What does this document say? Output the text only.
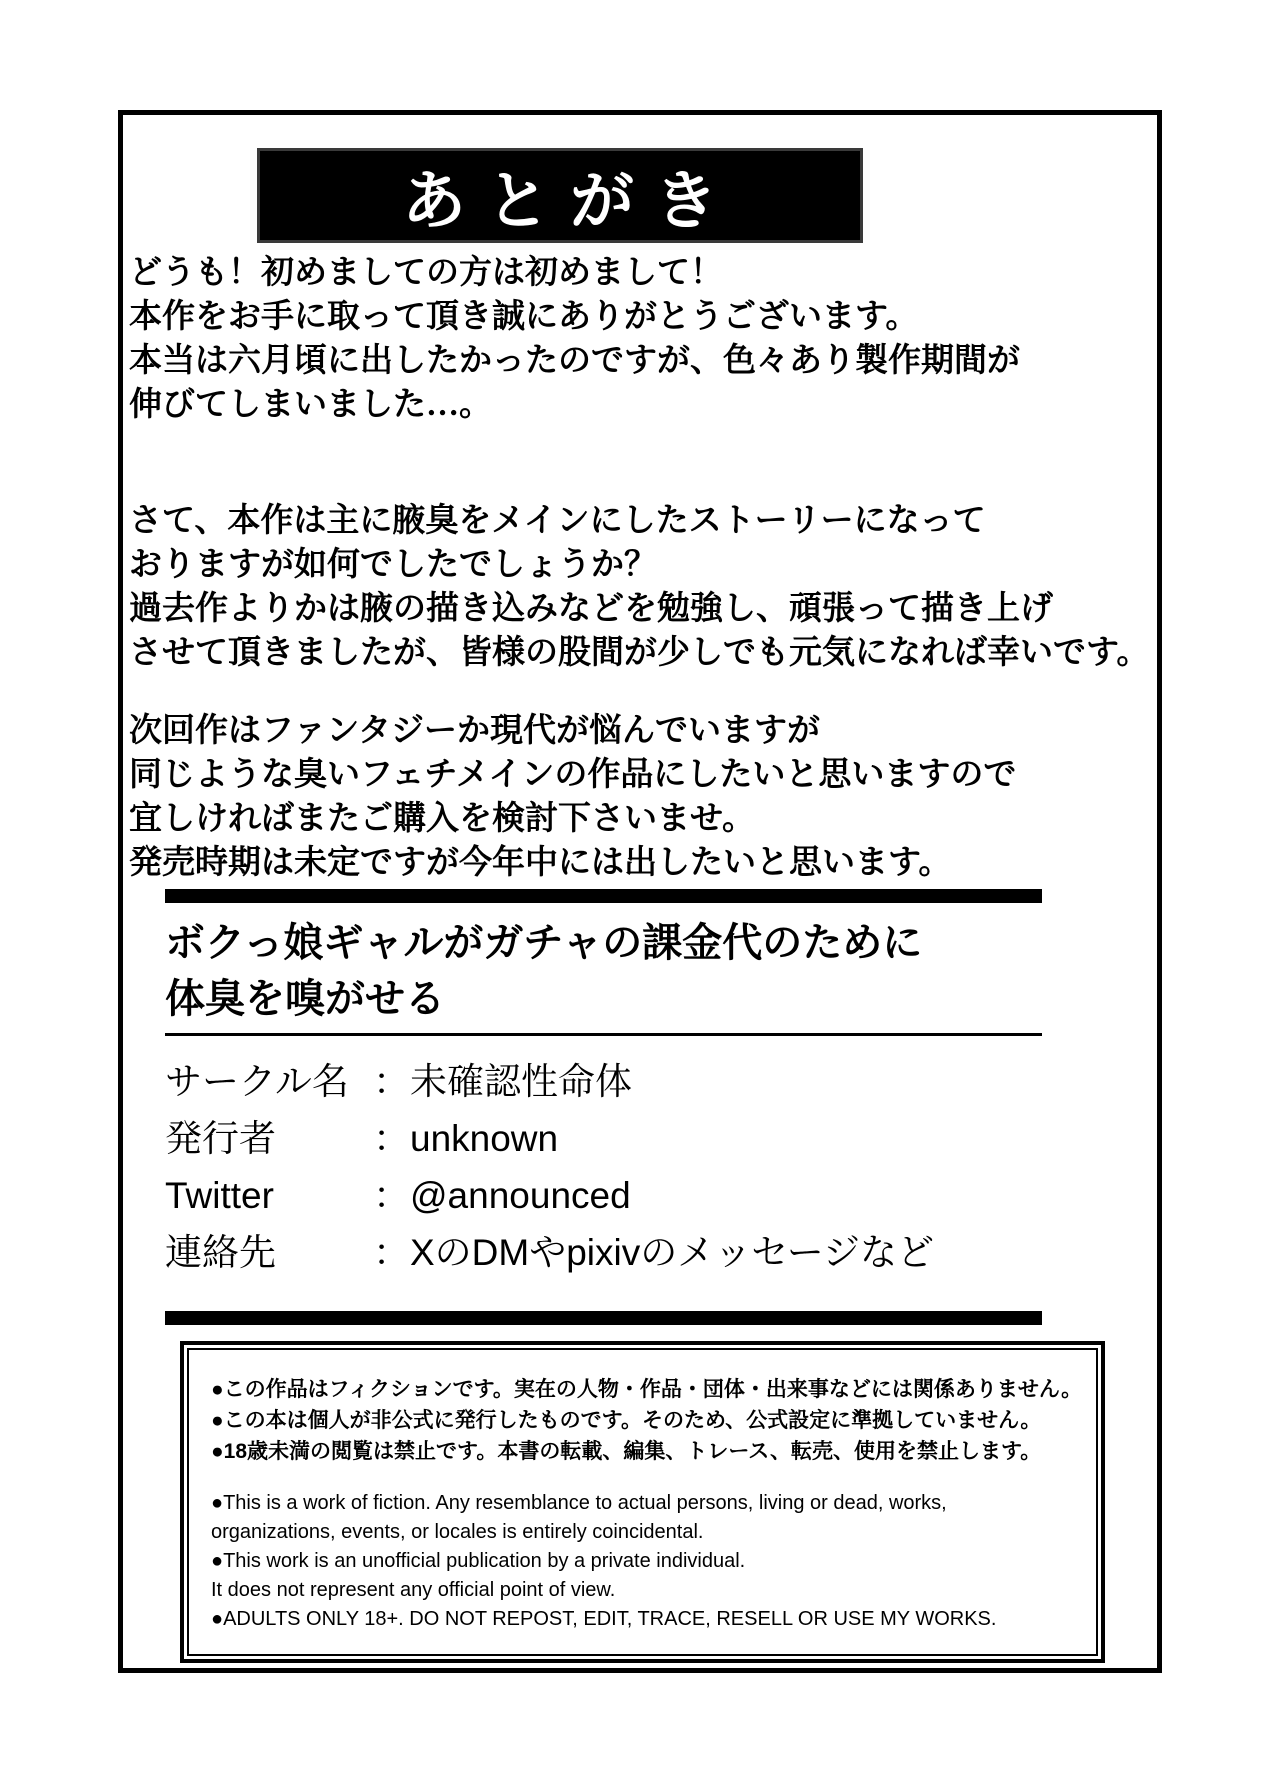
あとがき
どうも！初めましての方は初めまして！
本作をお手に取って頂き誠にありがとうございます。
本当は六月頃に出したかったのですが、色々あり製作期間が
伸びてしまいました…。
さて、本作は主に腋臭をメインにしたストーリーになって
おりますが如何でしたでしょうか？
過去作よりかは腋の描き込みなどを勉強し、頑張って描き上げ
させて頂きましたが、皆様の股間が少しでも元気になれば幸いです。
次回作はファンタジーか現代が悩んでいますが
同じような臭いフェチメインの作品にしたいと思いますので
宜しければまたご購入を検討下さいませ。
発売時期は未定ですが今年中には出したいと思います。
ボクっ娘ギャルがガチャの課金代のために
体臭を嗅がせる
サークル名 ： 未確認性命体
発行者	： unknown
Twitter	： @announced
連絡先	： XのDMやpixivのメッセージなど
●この作品はフィクションです。実在の人物・作品・団体・出来事などには関係ありません。
●この本は個人が非公式に発行したものです。そのため、公式設定に準拠していません。
●18歳未満の閲覧は禁止です。本書の転載、編集、トレース、転売、使用を禁止します。
●This is a work of fiction. Any resemblance to actual persons, living or dead, works,
organizations, events, or locales is entirely coincidental.
●This work is an unofficial publication by a private individual.
It does not represent any official point of view.
●ADULTS ONLY 18+. DO NOT REPOST, EDIT, TRACE, RESELL OR USE MY WORKS.
